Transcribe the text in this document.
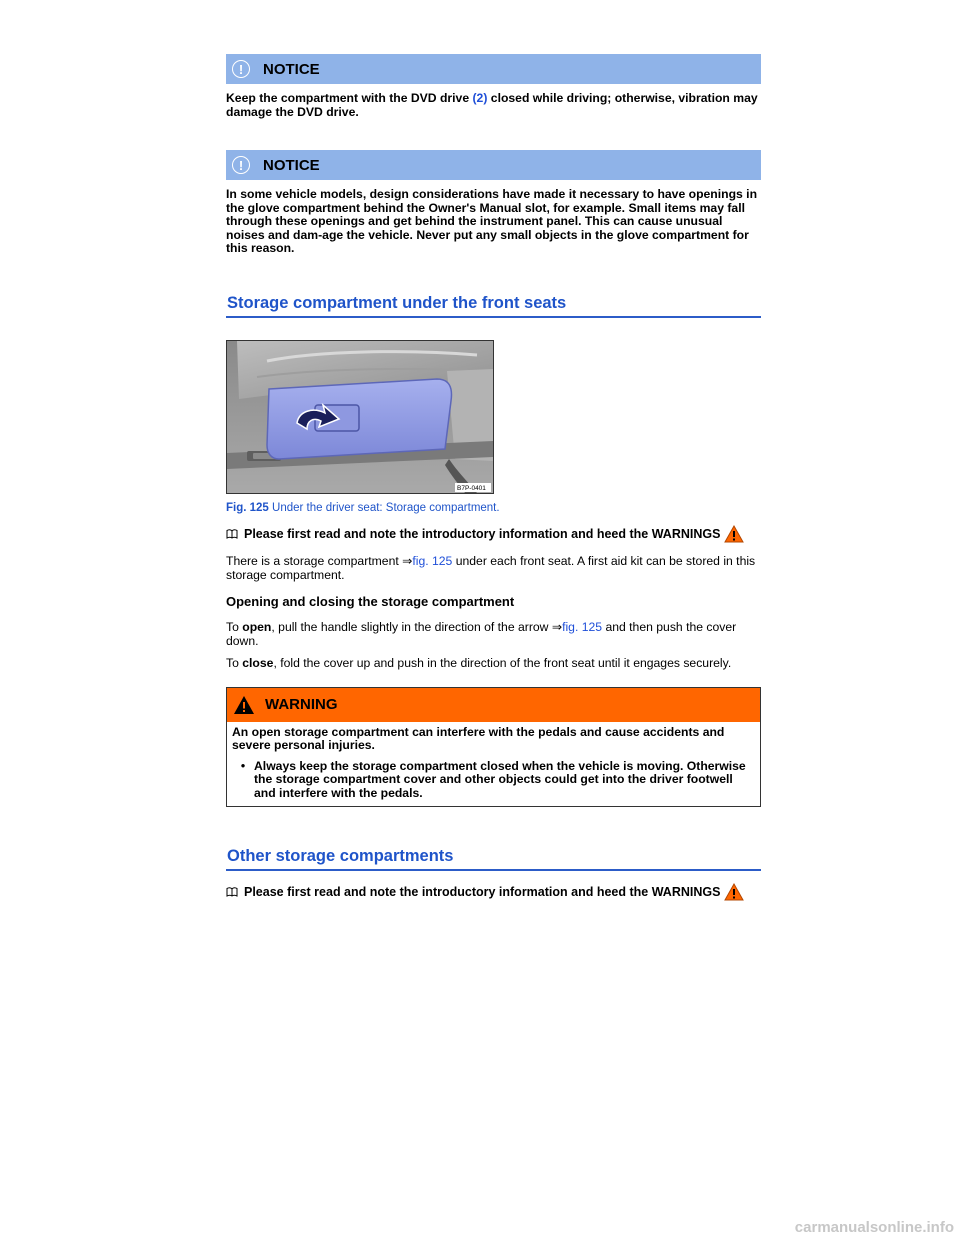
!	NOTICE
Keep the compartment with the DVD drive (2) closed while driving; otherwise, vibration may damage the DVD drive.
!	NOTICE
In some vehicle models, design considerations have made it necessary to have openings in the glove compartment behind the Owner's Manual slot, for example. Small items may fall through these openings and get behind the instrument panel. This can cause unusual noises and dam-age the vehicle. Never put any small objects in the glove compartment for this reason.
Storage compartment under the front seats
B7P-0401
Fig. 125 Under the driver seat: Storage compartment.
Please first read and note the introductory information and heed the WARNINGS

There is a storage compartment ⇒fig. 125 under each front seat. A first aid kit can be stored in this storage compartment.

Opening and closing the storage compartment

To open, pull the handle slightly in the direction of the arrow ⇒fig. 125 and then push the cover down.

To close, fold the cover up and push in the direction of the front seat until it engages securely.

WARNING
An open storage compartment can interfere with the pedals and cause accidents and severe personal injuries.
• Always keep the storage compartment closed when the vehicle is moving. Otherwise the storage compartment cover and other objects could get into the driver footwell and interfere with the pedals.
Other storage compartments
Please first read and note the introductory information and heed the WARNINGS
carmanualsonline.info
